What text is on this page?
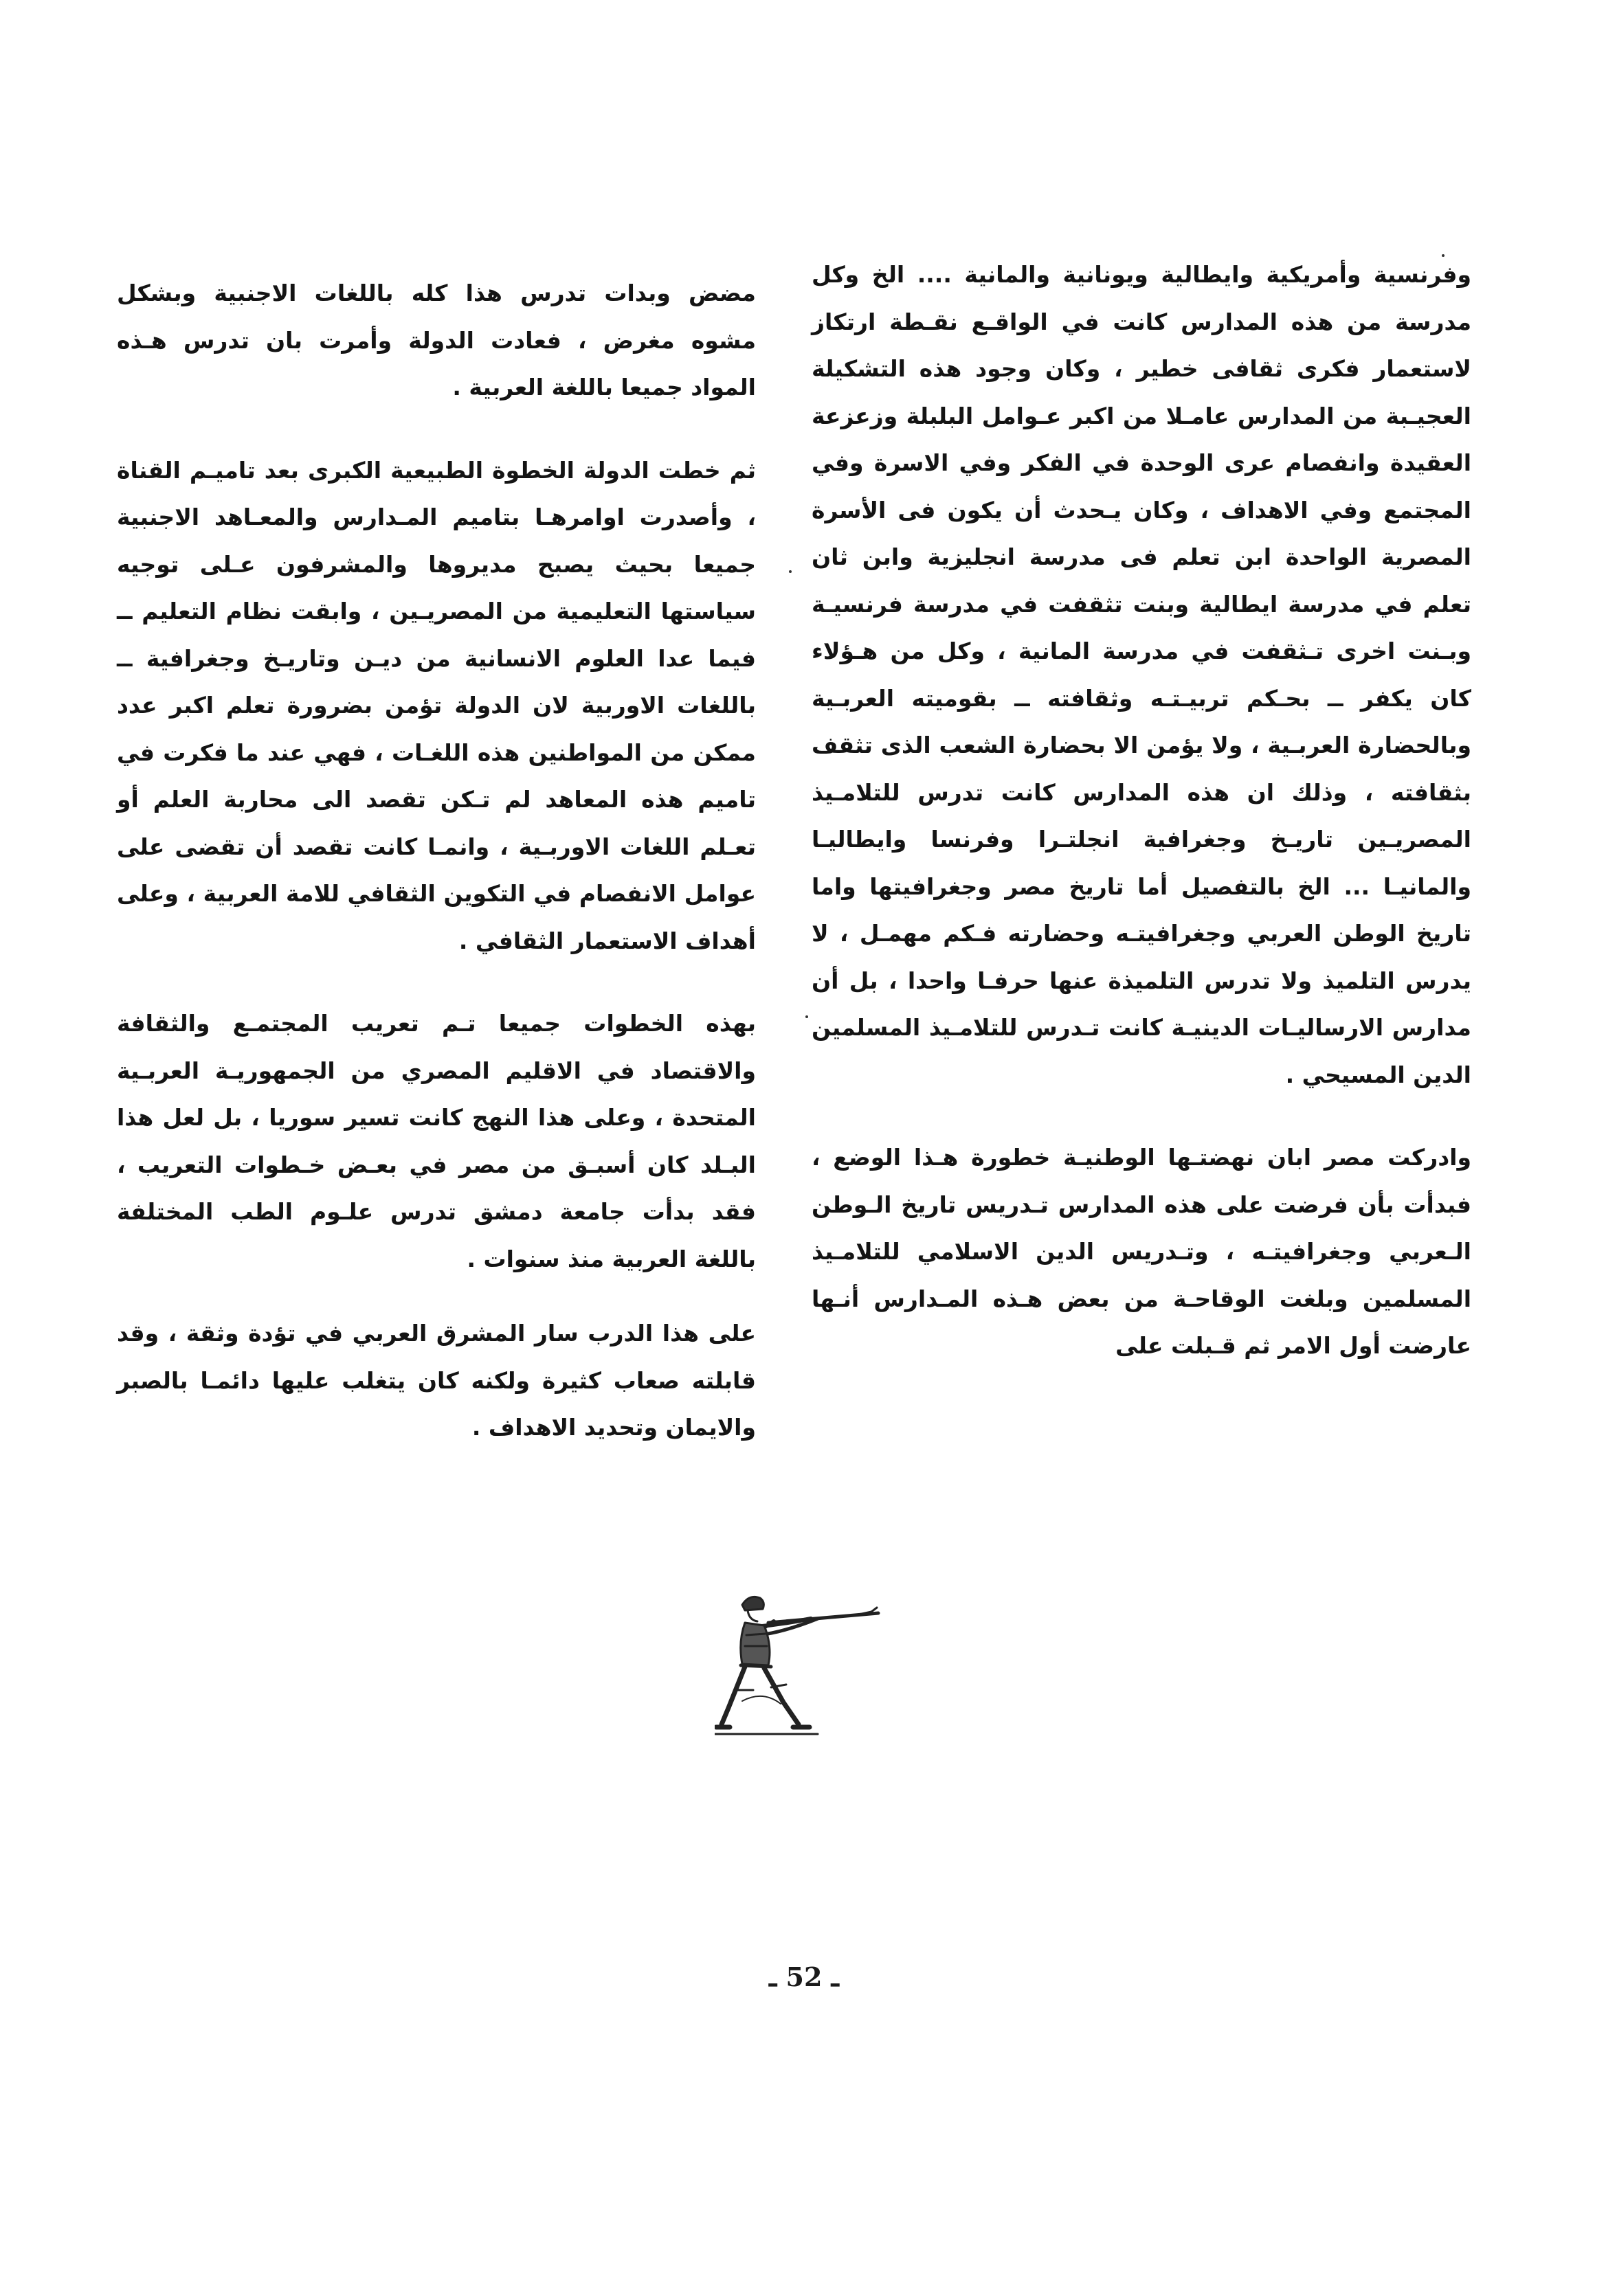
وفرنسية وأمريكية وايطالية ويونانية والمانية .... الخ وكل مدرسة من هذه المدارس كانت في الواقـع نقـطة ارتكاز لاستعمار فكرى ثقافى خطير ، وكان وجود هذه التشكيلة العجيـبة من المدارس عامـلا من اكبر عـوامل البلبلة وزعزعة العقيدة وانفصام عرى الوحدة في الفكر وفي الاسرة وفي المجتمع وفي الاهداف ، وكان يـحدث أن يكون فى الأسرة المصرية الواحدة ابن تعلم فى مدرسة انجليزية وابن ثان تعلم في مدرسة ايطالية وبنت تثقفت في مدرسة فرنسيـة وبـنت اخرى تـثقفت في مدرسة المانية ، وكل من هـؤلاء كان يكفر ــ بحـكم تربيـتـه وثقافته ــ بقوميته العربـية وبالحضارة العربـية ، ولا يؤمن الا بحضارة الشعب الذى تثقف بثقافته ، وذلك ان هذه المدارس كانت تدرس للتلامـيذ المصريـين تاريـخ وجغرافية انجلتـرا وفرنسا وايطاليـا والمانيـا ... الخ بالتفصيل أما تاريخ مصر وجغرافيتها واما تاريخ الوطن العربي وجغرافيتـه وحضارته فـكم مهمـل ، لا يدرس التلميذ ولا تدرس التلميذة عنها حرفـا واحدا ، بل أن مدارس الارساليـات الدينيـة كانت تـدرس للتلامـيذ المسلمين الدين المسيحي .

وادركت مصر ابان نهضتـها الوطنيـة خطورة هـذا الوضع ، فبدأت بأن فرضت على هذه المدارس تـدريس تاريخ الـوطن الـعربي وجغرافيتـه ، وتـدريس الدين الاسلامي للتلامـيذ المسلمين وبلغت الوقاحـة من بعض هـذه المـدارس أنـها عارضت أول الامر ثم قـبلت على

مضض وبدات تدرس هذا كله باللغات الاجنبية وبشكل مشوه مغرض ، فعادت الدولة وأمرت بان تدرس هـذه المواد جميعا باللغة العربية .

ثم خطت الدولة الخطوة الطبيعية الكبرى بعد تاميـم القناة ، وأصدرت اوامرهـا بتاميم المـدارس والمعـاهد الاجنبية جميعا بحيث يصبح مديروها والمشرفون عـلى توجيه سياستها التعليمية من المصريـين ، وابقت نظام التعليم ــ فيما عدا العلوم الانسانية من ديـن وتاريـخ وجغرافية ــ باللغات الاوربية لان الدولة تؤمن بضرورة تعلم اكبر عدد ممكن من المواطنين هذه اللغـات ، فهي عند ما فكرت في تاميم هذه المعاهد لم تـكن تقصد الى محاربة العلم أو تعـلم اللغات الاوربـية ، وانمـا كانت تقصد أن تقضى على عوامل الانفصام في التكوين الثقافي للامة العربية ، وعلى أهداف الاستعمار الثقافي .

بهذه الخطوات جميعا تـم تعريب المجتمـع والثقافة والاقتصاد في الاقليم المصري من الجمهوريـة العربـية المتحدة ، وعلى هذا النهج كانت تسير سوريا ، بل لعل هذا البـلد كان أسبـق من مصر في بعـض خـطوات التعريب ، فقد بدأت جامعة دمشق تدرس علـوم الطب المختلفة باللغة العربية منذ سنوات .

على هذا الدرب سار المشرق العربي في تؤدة وثقة ، وقد قابلته صعاب كثيرة ولكنه كان يتغلب عليها دائمـا بالصبر والايمان وتحديد الاهداف .

ـ 52 ـ
